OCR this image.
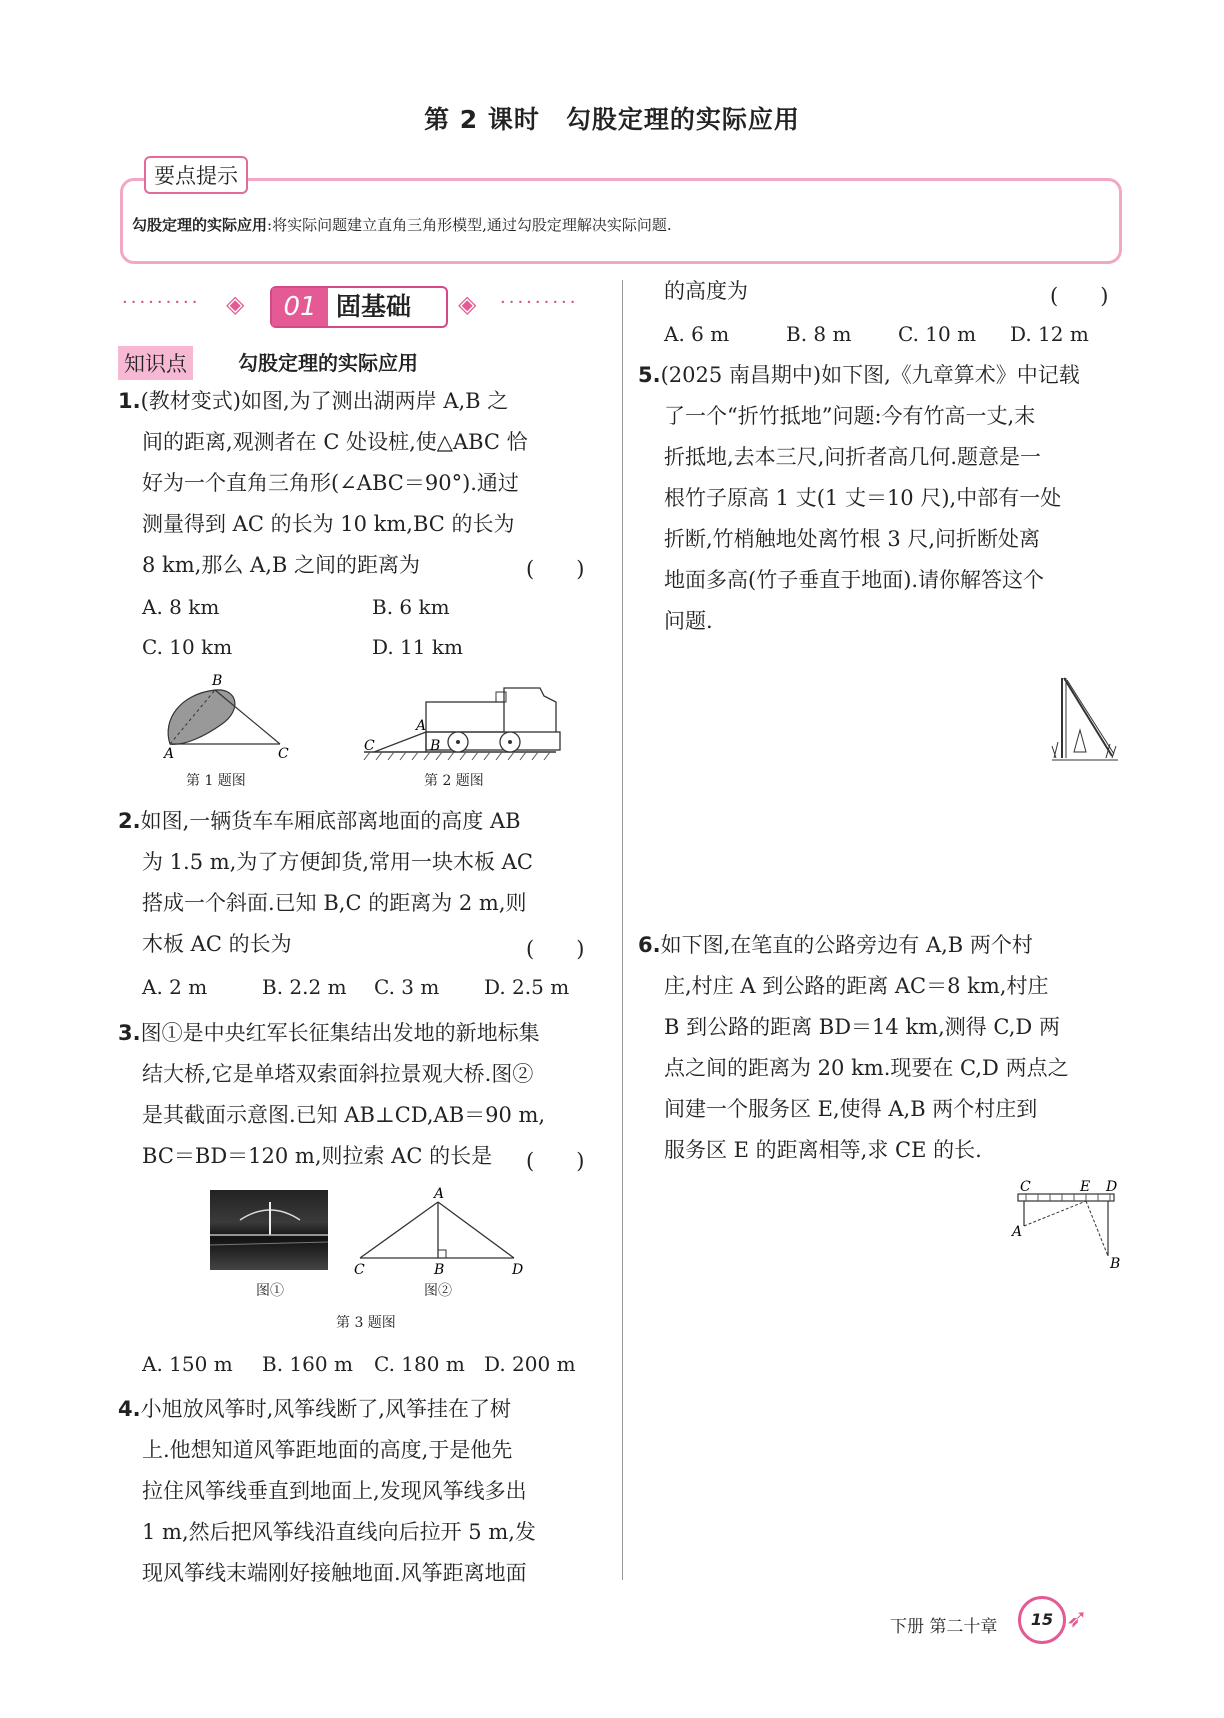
第 2 课时　勾股定理的实际应用
要点提示
勾股定理的实际应用:将实际问题建立直角三角形模型,通过勾股定理解决实际问题.
········· ◈	01 固基础 ◈ ·········
知识点	勾股定理的实际应用
1.(教材变式)如图,为了测出湖两岸 A,B 之
间的距离,观测者在 C 处设桩,使△ABC 恰
好为一个直角三角形(∠ABC＝90°).通过
测量得到 AC 的长为 10 km,BC 的长为
8 km,那么 A,B 之间的距离为	(　　)
A. 8 km	B. 6 km
C. 10 km	D. 11 km
B
A	C
第 1 题图
A
C	B
第 2 题图
2.如图,一辆货车车厢底部离地面的高度 AB
为 1.5 m,为了方便卸货,常用一块木板 AC
搭成一个斜面.已知 B,C 的距离为 2 m,则
木板 AC 的长为	(　　)
A. 2 m	B. 2.2 m C. 3 m D. 2.5 m
3.图①是中央红军长征集结出发地的新地标集
结大桥,它是单塔双索面斜拉景观大桥.图②
是其截面示意图.已知 AB⊥CD,AB＝90 m,
BC＝BD＝120 m,则拉索 AC 的长是	(　　)
图①
A
C	B	D
图②
第 3 题图
A. 150 m B. 160 m C. 180 m D. 200 m
4.小旭放风筝时,风筝线断了,风筝挂在了树
上.他想知道风筝距地面的高度,于是他先
拉住风筝线垂直到地面上,发现风筝线多出
1 m,然后把风筝线沿直线向后拉开 5 m,发
现风筝线末端刚好接触地面.风筝距离地面
的高度为	(　　)
A. 6 m	B. 8 m C. 10 m D. 12 m
5.(2025 南昌期中)如下图,《九章算术》中记载
了一个“折竹抵地”问题:今有竹高一丈,末
折抵地,去本三尺,问折者高几何.题意是一
根竹子原高 1 丈(1 丈＝10 尺),中部有一处
折断,竹梢触地处离竹根 3 尺,问折断处离
地面多高(竹子垂直于地面).请你解答这个
问题.
6.如下图,在笔直的公路旁边有 A,B 两个村
庄,村庄 A 到公路的距离 AC＝8 km,村庄
B 到公路的距离 BD＝14 km,测得 C,D 两
点之间的距离为 20 km.现要在 C,D 两点之
间建一个服务区 E,使得 A,B 两个村庄到
服务区 E 的距离相等,求 CE 的长.
C	E D
A
B
下册 第二十章	15 ➶
